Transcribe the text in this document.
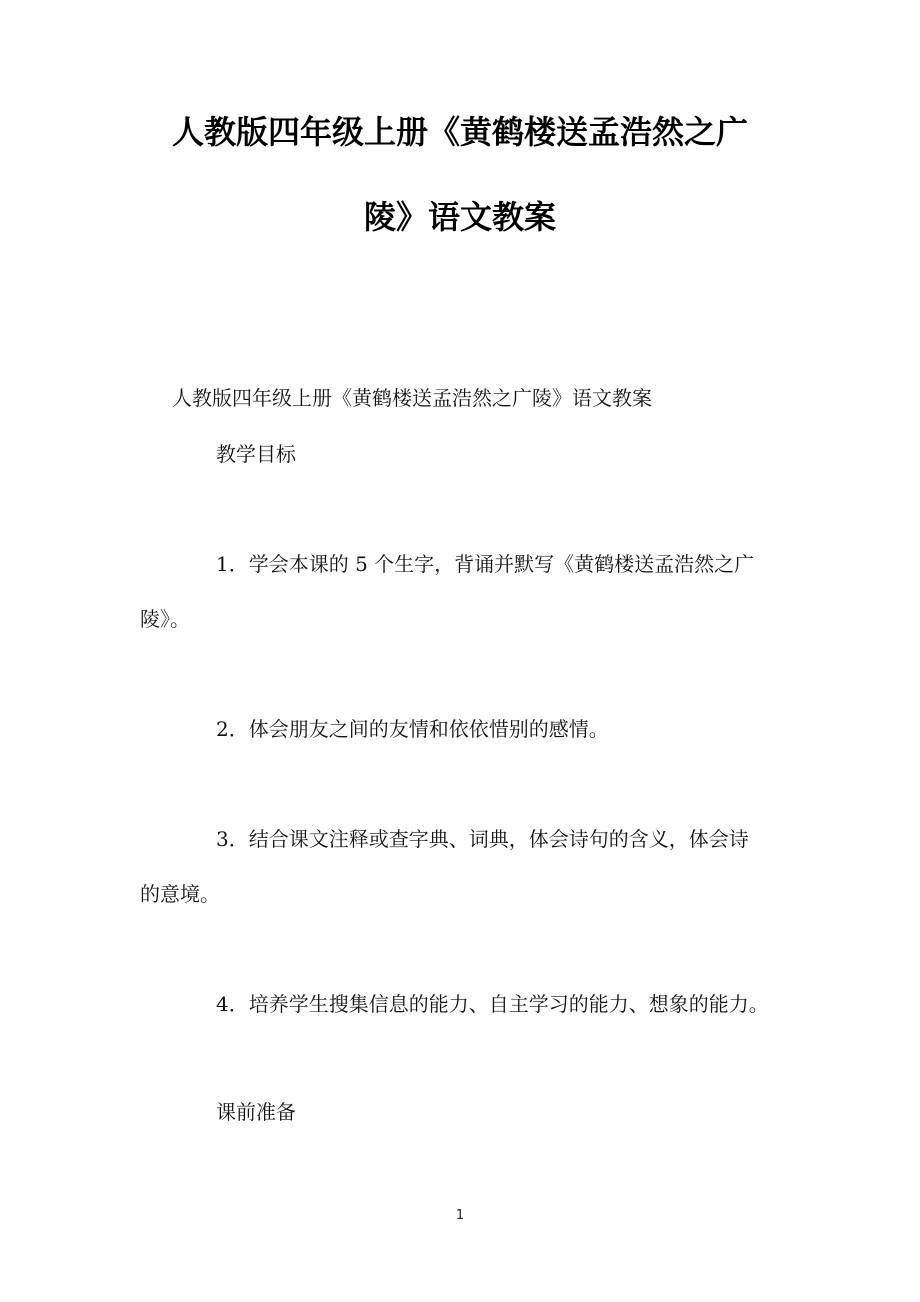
人教版四年级上册《黄鹤楼送孟浩然之广
陵》语文教案
人教版四年级上册《黄鹤楼送孟浩然之广陵》语文教案
教学目标
1．学会本课的 5 个生字，背诵并默写《黄鹤楼送孟浩然之广
陵》。
2．体会朋友之间的友情和依依惜别的感情。
3．结合课文注释或查字典、词典，体会诗句的含义，体会诗
的意境。
4．培养学生搜集信息的能力、自主学习的能力、想象的能力。
课前准备
1
